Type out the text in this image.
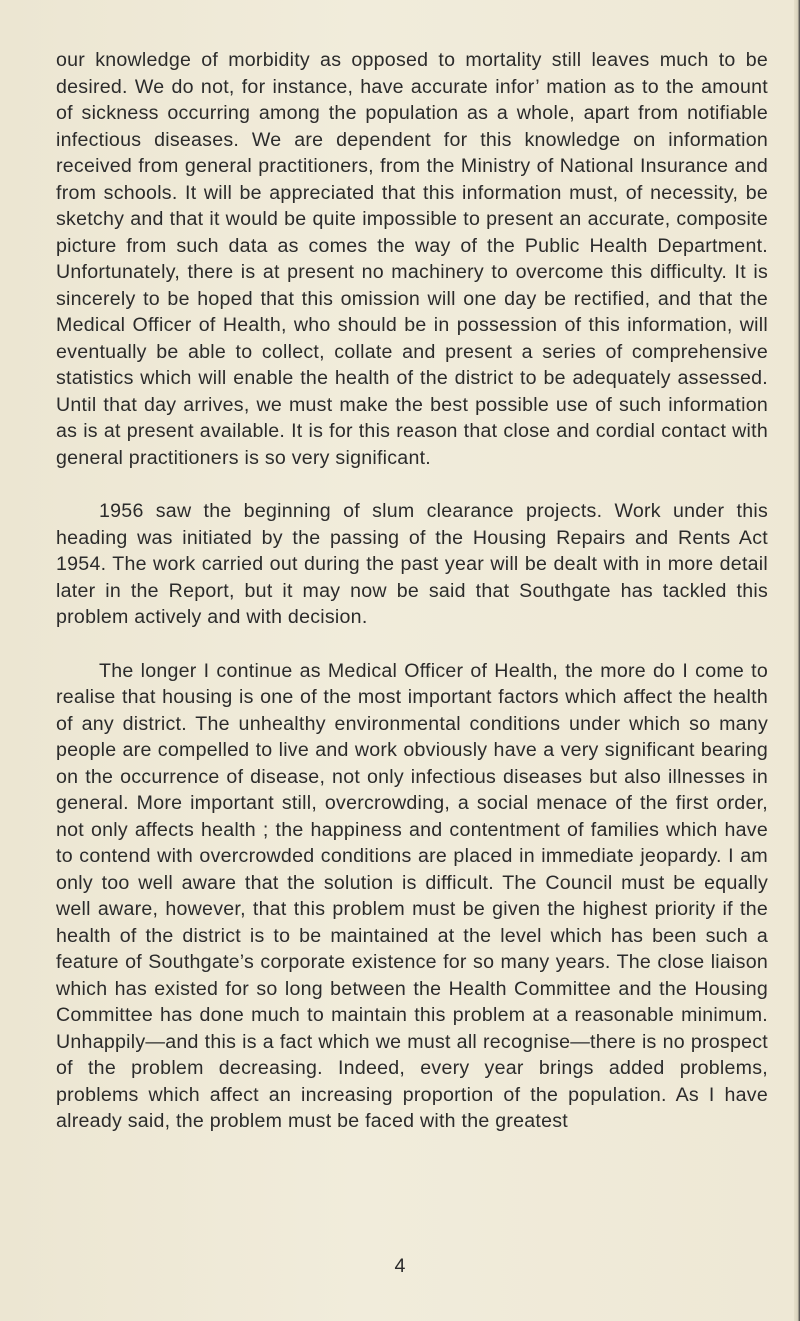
our knowledge of morbidity as opposed to mortality still leaves much to be desired. We do not, for instance, have accurate infor’ mation as to the amount of sickness occurring among the population as a whole, apart from notifiable infectious diseases. We are dependent for this knowledge on information received from general practitioners, from the Ministry of National Insurance and from schools. It will be appreciated that this information must, of necessity, be sketchy and that it would be quite impossible to present an accurate, composite picture from such data as comes the way of the Public Health Department. Unfortunately, there is at present no machinery to overcome this difficulty. It is sincerely to be hoped that this omission will one day be rectified, and that the Medical Officer of Health, who should be in possession of this information, will eventually be able to collect, collate and present a series of comprehensive statistics which will enable the health of the district to be adequately assessed. Until that day arrives, we must make the best possible use of such information as is at present available. It is for this reason that close and cordial contact with general practitioners is so very significant.

1956 saw the beginning of slum clearance projects. Work under this heading was initiated by the passing of the Housing Repairs and Rents Act 1954. The work carried out during the past year will be dealt with in more detail later in the Report, but it may now be said that Southgate has tackled this problem actively and with decision.

The longer I continue as Medical Officer of Health, the more do I come to realise that housing is one of the most important factors which affect the health of any district. The unhealthy environmental conditions under which so many people are compelled to live and work obviously have a very significant bearing on the occurrence of disease, not only infectious diseases but also illnesses in general. More important still, overcrowding, a social menace of the first order, not only affects health ; the happiness and contentment of families which have to contend with overcrowded conditions are placed in immediate jeopardy. I am only too well aware that the solution is difficult. The Council must be equally well aware, however, that this problem must be given the highest priority if the health of the district is to be maintained at the level which has been such a feature of Southgate’s corporate existence for so many years. The close liaison which has existed for so long between the Health Committee and the Housing Committee has done much to maintain this problem at a reasonable minimum. Unhappily—and this is a fact which we must all recognise—there is no prospect of the problem decreasing. Indeed, every year brings added problems, problems which affect an increasing proportion of the population. As I have already said, the problem must be faced with the greatest

4
